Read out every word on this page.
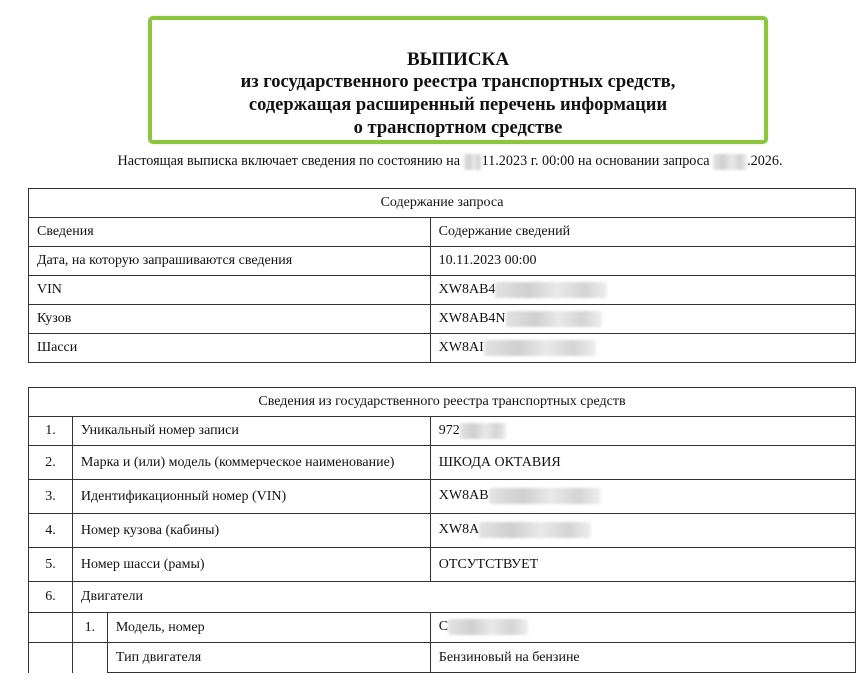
ВЫПИСКА
из государственного реестра транспортных средств,
содержащая расширенный перечень информации
о транспортном средстве
Настоящая выписка включает сведения по состоянию на 11.2023 г. 00:00 на основании запроса .2026.
Содержание запроса	
Сведения	Содержание сведений
Дата, на которую запрашиваются сведения	10.11.2023 00:00
VIN	XW8AB4
Кузов	XW8AB4N
Шасси	XW8AI
Сведения из государственного реестра транспортных средств			
1.	Уникальный номер записи		972
2.	Марка и (или) модель (коммерческое наименование)		ШКОДА ОКТАВИЯ
3.	Идентификационный номер (VIN)		XW8AB
4.	Номер кузова (кабины)		XW8A
5.	Номер шасси (рамы)		ОТСУТСТВУЕТ
6.	Двигатели		
	1.	Модель, номер	C
		Тип двигателя	Бензиновый на бензине
